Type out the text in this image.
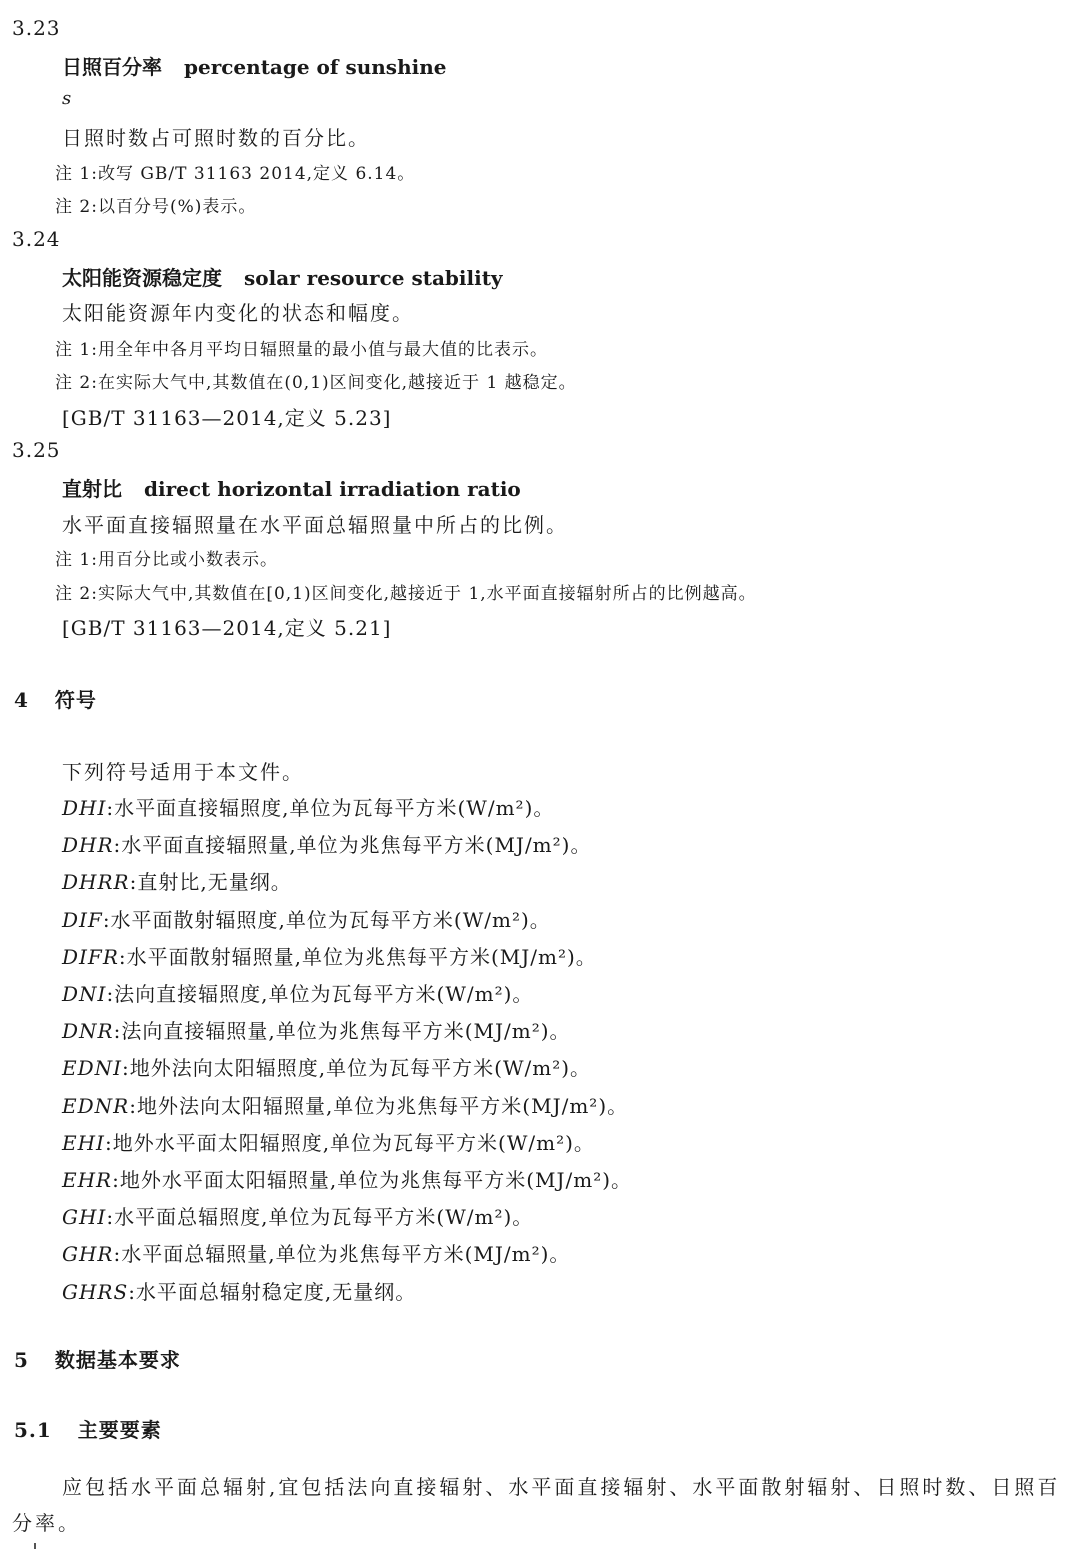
3.23
日照百分率 percentage of sunshine
s
日照时数占可照时数的百分比。
注 1:改写 GB/T 31163 2014,定义 6.14。
注 2:以百分号(%)表示。
3.24
太阳能资源稳定度 solar resource stability
太阳能资源年内变化的状态和幅度。
注 1:用全年中各月平均日辐照量的最小值与最大值的比表示。
注 2:在实际大气中,其数值在(0,1)区间变化,越接近于 1 越稳定。
[GB/T 31163—2014,定义 5.23]
3.25
直射比 direct horizontal irradiation ratio
水平面直接辐照量在水平面总辐照量中所占的比例。
注 1:用百分比或小数表示。
注 2:实际大气中,其数值在[0,1)区间变化,越接近于 1,水平面直接辐射所占的比例越高。
[GB/T 31163—2014,定义 5.21]
4 符号
下列符号适用于本文件。
DHI:水平面直接辐照度,单位为瓦每平方米(W/m²)。
DHR:水平面直接辐照量,单位为兆焦每平方米(MJ/m²)。
DHRR:直射比,无量纲。
DIF:水平面散射辐照度,单位为瓦每平方米(W/m²)。
DIFR:水平面散射辐照量,单位为兆焦每平方米(MJ/m²)。
DNI:法向直接辐照度,单位为瓦每平方米(W/m²)。
DNR:法向直接辐照量,单位为兆焦每平方米(MJ/m²)。
EDNI:地外法向太阳辐照度,单位为瓦每平方米(W/m²)。
EDNR:地外法向太阳辐照量,单位为兆焦每平方米(MJ/m²)。
EHI:地外水平面太阳辐照度,单位为瓦每平方米(W/m²)。
EHR:地外水平面太阳辐照量,单位为兆焦每平方米(MJ/m²)。
GHI:水平面总辐照度,单位为瓦每平方米(W/m²)。
GHR:水平面总辐照量,单位为兆焦每平方米(MJ/m²)。
GHRS:水平面总辐射稳定度,无量纲。
5 数据基本要求
5.1 主要要素
应包括水平面总辐射,宜包括法向直接辐射、水平面直接辐射、水平面散射辐射、日照时数、日照百
分率。
